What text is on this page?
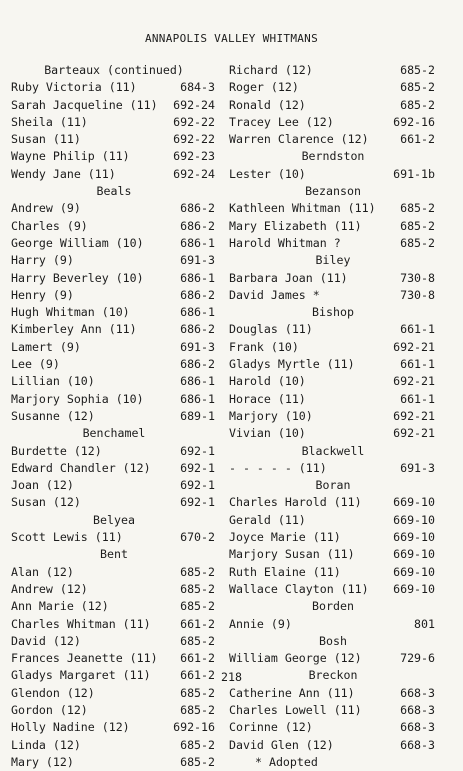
ANNAPOLIS VALLEY WHITMANS
Barteaux (continued)
Ruby Victoria (11)	684-3
Sarah Jacqueline (11) 692-24
Sheila (11)	692-22
Susan (11)	692-22
Wayne Philip (11)	692-23
Wendy Jane (11)	692-24
Beals
Andrew (9)	686-2
Charles (9)	686-2
George William (10)	686-1
Harry (9)	691-3
Harry Beverley (10)	686-1
Henry (9)	686-2
Hugh Whitman (10)	686-1
Kimberley Ann (11)	686-2
Lamert (9)	691-3
Lee (9)	686-2
Lillian (10)	686-1
Marjory Sophia (10)	686-1
Susanne (12)	689-1
Benchamel
Burdette (12)	692-1
Edward Chandler (12)	692-1
Joan (12)	692-1
Susan (12)	692-1
Belyea
Scott Lewis (11)	670-2
Bent
Alan (12)	685-2
Andrew (12)	685-2
Ann Marie (12)	685-2
Charles Whitman (11)	661-2
David (12)	685-2
Frances Jeanette (11) 661-2
Gladys Margaret (11)	661-2
Glendon (12)	685-2
Gordon (12)	685-2
Holly Nadine (12)	692-16
Linda (12)	685-2
Mary (12)	685-2
Richard (12)	685-2
Roger (12)	685-2
Ronald (12)	685-2
Tracey Lee (12)	692-16
Warren Clarence (12)	661-2
Berndston
Lester (10)	691-1b
Bezanson
Kathleen Whitman (11) 685-2
Mary Elizabeth (11)	685-2
Harold Whitman ?	685-2
Biley
Barbara Joan (11)	730-8
David James *	730-8
Bishop
Douglas (11)	661-1
Frank (10)	692-21
Gladys Myrtle (11)	661-1
Harold (10)	692-21
Horace (11)	661-1
Marjory (10)	692-21
Vivian (10)	692-21
Blackwell
- - - - - (11)	691-3
Boran
Charles Harold (11)	669-10
Gerald (11)	669-10
Joyce Marie (11)	669-10
Marjory Susan (11)	669-10
Ruth Elaine (11)	669-10
Wallace Clayton (11) 669-10
Borden
Annie (9)	801
Bosh
William George (12)	729-6
Breckon
Catherine Ann (11)	668-3
Charles Lowell (11)	668-3
Corinne (12)	668-3
David Glen (12)	668-3
* Adopted
218
